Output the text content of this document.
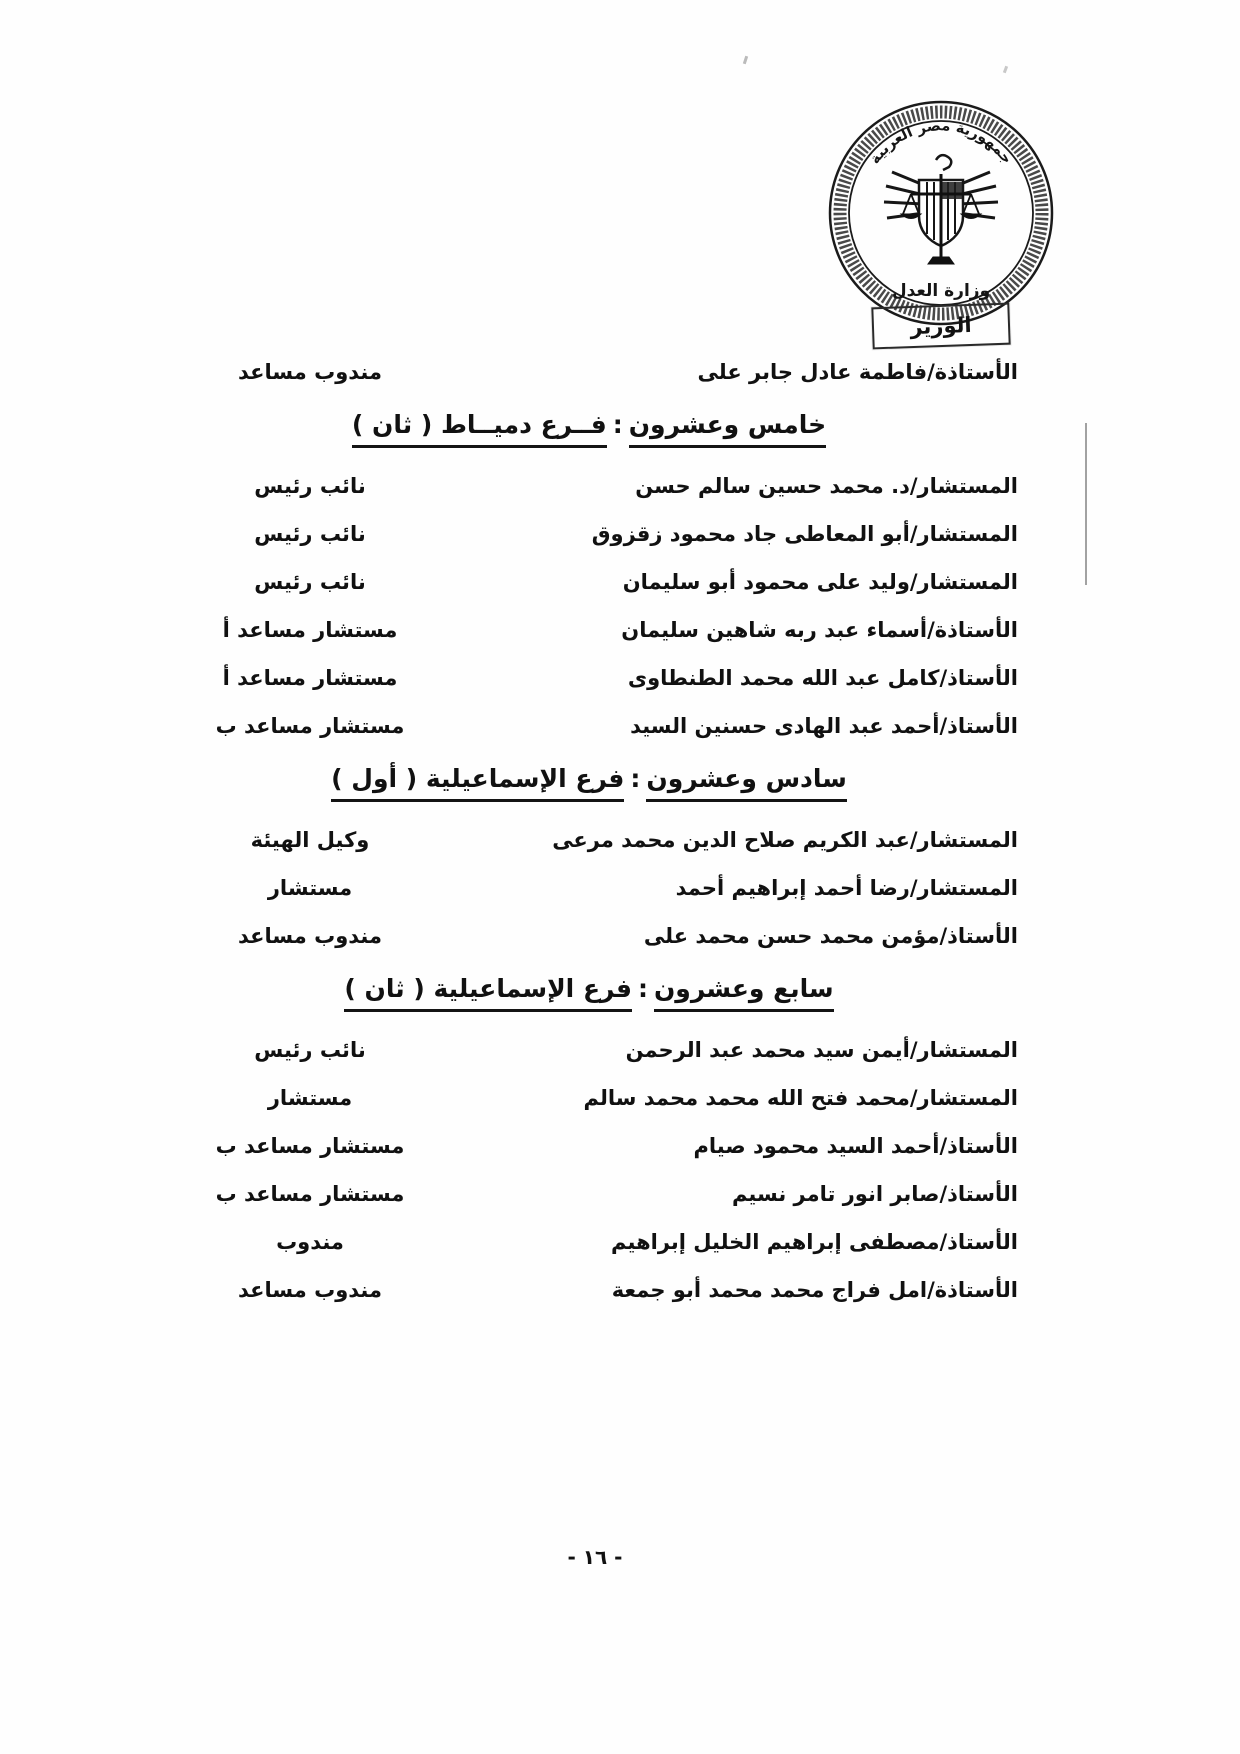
جمهورية مصر العربية
وزارة العدل
الوزير
الأستاذة/فاطمة عادل جابر على
مندوب مساعد
خامس وعشرون
:
فــرع دميــاط ( ثان )
المستشار/د. محمد حسين سالم حسن
نائب رئيس
المستشار/أبو المعاطى جاد محمود زقزوق
نائب رئيس
المستشار/وليد على محمود أبو سليمان
نائب رئيس
الأستاذة/أسماء عبد ربه شاهين سليمان
مستشار مساعد أ
الأستاذ/كامل عبد الله محمد الطنطاوى
مستشار مساعد أ
الأستاذ/أحمد عبد الهادى حسنين السيد
مستشار مساعد ب
سادس وعشرون
:
فرع الإسماعيلية ( أول )
المستشار/عبد الكريم صلاح الدين محمد مرعى
وكيل الهيئة
المستشار/رضا أحمد إبراهيم أحمد
مستشار
الأستاذ/مؤمن محمد حسن محمد على
مندوب مساعد
سابع وعشرون
:
فرع الإسماعيلية ( ثان )
المستشار/أيمن سيد محمد عبد الرحمن
نائب رئيس
المستشار/محمد فتح الله محمد محمد سالم
مستشار
الأستاذ/أحمد السيد محمود صيام
مستشار مساعد ب
الأستاذ/صابر انور تامر نسيم
مستشار مساعد ب
الأستاذ/مصطفى إبراهيم الخليل إبراهيم
مندوب
الأستاذة/امل فراج محمد محمد أبو جمعة
مندوب مساعد
- ١٦ -
